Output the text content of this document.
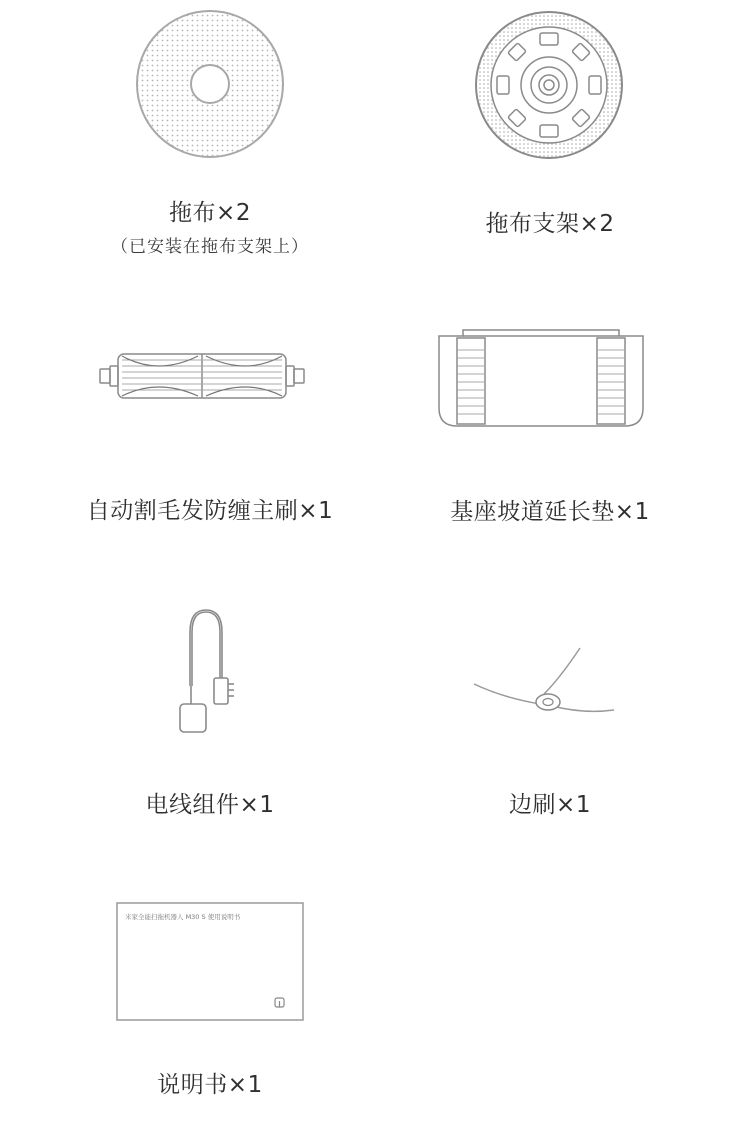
拖布×2
（已安装在拖布支架上）
拖布支架×2
自动割毛发防缠主刷×1	基座坡道延长垫×1
电线组件×1	边刷×1
米家全能扫拖机器人 M30 S 使用说明书
说明书×1
